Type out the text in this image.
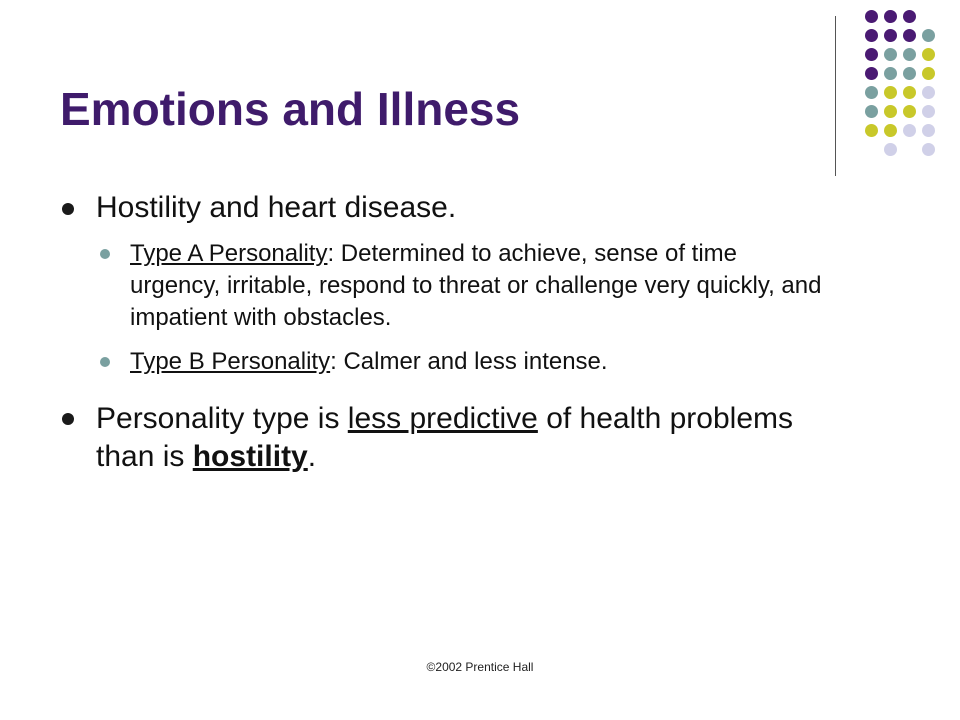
Emotions and Illness
Hostility and heart disease.
Type A Personality: Determined to achieve, sense of time urgency, irritable, respond to threat or challenge very quickly, and impatient with obstacles.
Type B Personality: Calmer and less intense.
Personality type is less predictive of health problems than is hostility.
©2002 Prentice Hall
